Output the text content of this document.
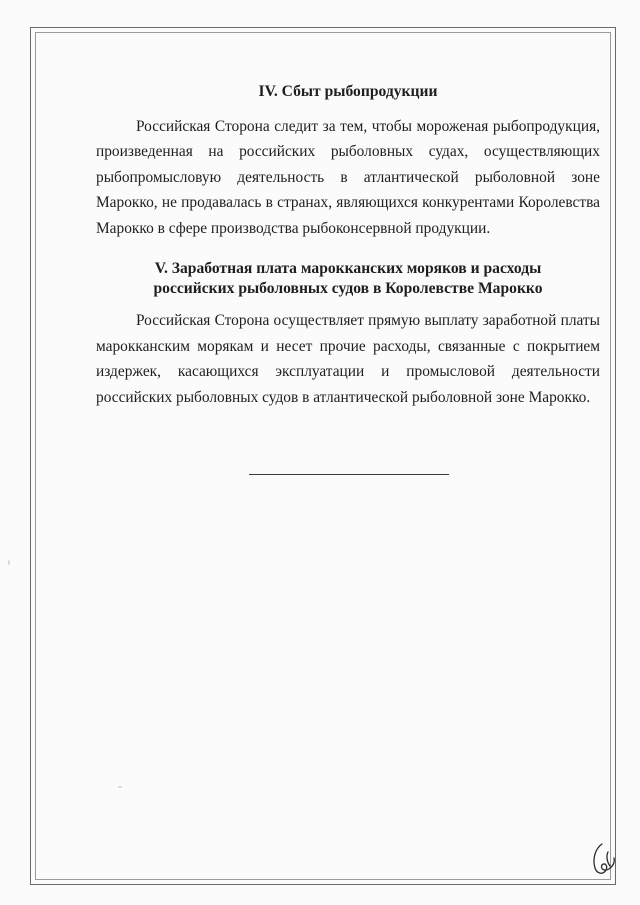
IV. Сбыт рыбопродукции

Российская Сторона следит за тем, чтобы мороженая рыбопродукция, произведенная на российских рыболовных судах, осуществляющих рыбопромысловую деятельность в атлантической рыболовной зоне Марокко, не продавалась в странах, являющихся конкурентами Королевства Марокко в сфере производства рыбоконсервной продукции.

V. Заработная плата марокканских моряков и расходы
российских рыболовных судов в Королевстве Марокко

Российская Сторона осуществляет прямую выплату заработной платы марокканским морякам и несет прочие расходы, связанные с покрытием издержек, касающихся эксплуатации и промысловой деятельности российских рыболовных судов в атлантической рыболовной зоне Марокко.
